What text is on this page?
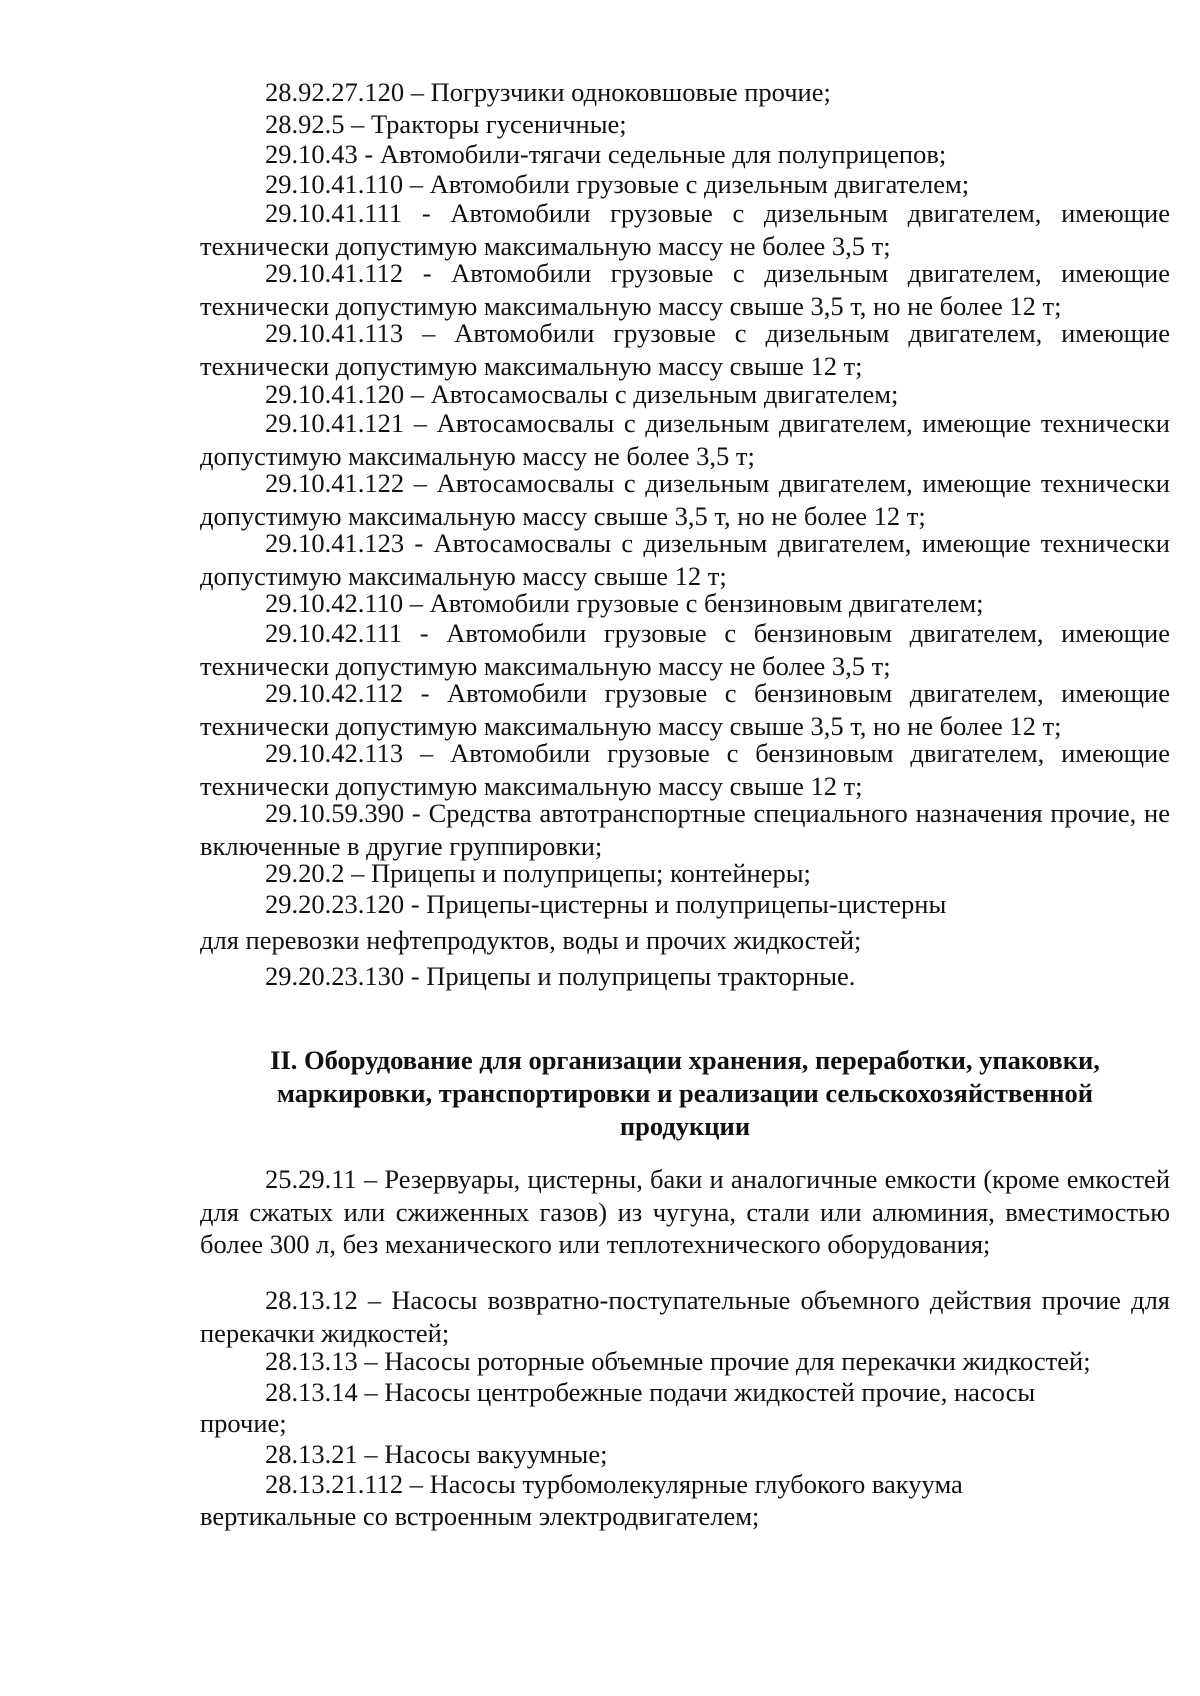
28.92.27.120 – Погрузчики одноковшовые прочие;

28.92.5 – Тракторы гусеничные;

29.10.43 - Автомобили-тягачи седельные для полуприцепов;

29.10.41.110 – Автомобили грузовые с дизельным двигателем;

29.10.41.111 - Автомобили грузовые с дизельным двигателем, имеющие технически допустимую максимальную массу не более 3,5 т;

29.10.41.112 - Автомобили грузовые с дизельным двигателем, имеющие технически допустимую максимальную массу свыше 3,5 т, но не более 12 т;

29.10.41.113 – Автомобили грузовые с дизельным двигателем, имеющие технически допустимую максимальную массу свыше 12 т;

29.10.41.120 – Автосамосвалы с дизельным двигателем;

29.10.41.121 – Автосамосвалы с дизельным двигателем, имеющие технически допустимую максимальную массу не более 3,5 т;

29.10.41.122 – Автосамосвалы с дизельным двигателем, имеющие технически допустимую максимальную массу свыше 3,5 т, но не более 12 т;

29.10.41.123 - Автосамосвалы с дизельным двигателем, имеющие технически допустимую максимальную массу свыше 12 т;

29.10.42.110 – Автомобили грузовые с бензиновым двигателем;

29.10.42.111 - Автомобили грузовые с бензиновым двигателем, имеющие технически допустимую максимальную массу не более 3,5 т;

29.10.42.112 - Автомобили грузовые с бензиновым двигателем, имеющие технически допустимую максимальную массу свыше 3,5 т, но не более 12 т;

29.10.42.113 – Автомобили грузовые с бензиновым двигателем, имеющие технически допустимую максимальную массу свыше 12 т;

29.10.59.390 - Средства автотранспортные специального назначения прочие, не включенные в другие группировки;

29.20.2 – Прицепы и полуприцепы; контейнеры;

29.20.23.120 - Прицепы-цистерны и полуприцепы-цистерны
для перевозки нефтепродуктов, воды и прочих жидкостей;
29.20.23.130 - Прицепы и полуприцепы тракторные.
II. Оборудование для организации хранения, переработки, упаковки,
маркировки, транспортировки и реализации сельскохозяйственной
продукции

25.29.11 – Резервуары, цистерны, баки и аналогичные емкости (кроме емкостей для сжатых или сжиженных газов) из чугуна, стали или алюминия, вместимостью более 300 л, без механического или теплотехнического оборудования;

28.13.12 – Насосы возвратно-поступательные объемного действия прочие для перекачки жидкостей;

28.13.13 – Насосы роторные объемные прочие для перекачки жидкостей;
28.13.14 – Насосы центробежные подачи жидкостей прочие, насосы
прочие;
28.13.21 – Насосы вакуумные;
28.13.21.112 – Насосы турбомолекулярные глубокого вакуума
вертикальные со встроенным электродвигателем;
